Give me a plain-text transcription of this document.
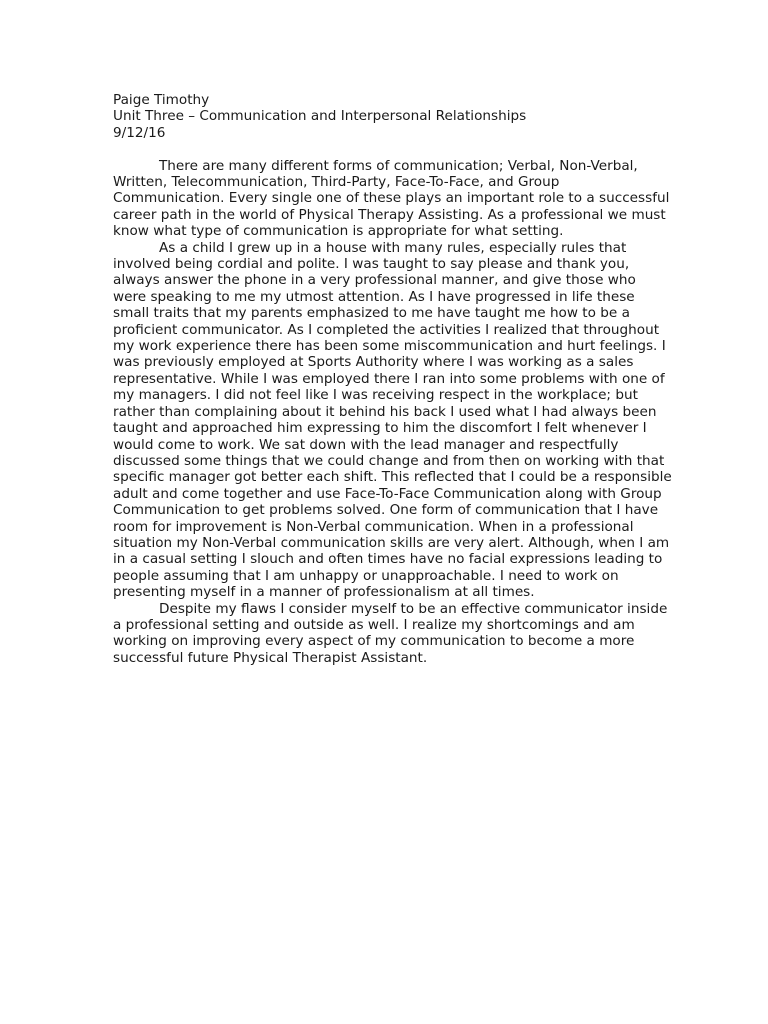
Paige Timothy

Unit Three – Communication and Interpersonal Relationships

9/12/16

There are many different forms of communication; Verbal, Non-Verbal, Written, Telecommunication, Third-Party, Face-To-Face, and Group Communication. Every single one of these plays an important role to a successful career path in the world of Physical Therapy Assisting. As a professional we must know what type of communication is appropriate for what setting.

As a child I grew up in a house with many rules, especially rules that involved being cordial and polite. I was taught to say please and thank you, always answer the phone in a very professional manner, and give those who were speaking to me my utmost attention. As I have progressed in life these small traits that my parents emphasized to me have taught me how to be a proficient communicator. As I completed the activities I realized that throughout my work experience there has been some miscommunication and hurt feelings. I was previously employed at Sports Authority where I was working as a sales representative. While I was employed there I ran into some problems with one of my managers. I did not feel like I was receiving respect in the workplace; but rather than complaining about it behind his back I used what I had always been taught and approached him expressing to him the discomfort I felt whenever I would come to work. We sat down with the lead manager and respectfully discussed some things that we could change and from then on working with that specific manager got better each shift. This reflected that I could be a responsible adult and come together and use Face-To-Face Communication along with Group Communication to get problems solved. One form of communication that I have room for improvement is Non-Verbal communication. When in a professional situation my Non-Verbal communication skills are very alert. Although, when I am in a casual setting I slouch and often times have no facial expressions leading to people assuming that I am unhappy or unapproachable. I need to work on presenting myself in a manner of professionalism at all times.

Despite my flaws I consider myself to be an effective communicator inside a professional setting and outside as well. I realize my shortcomings and am working on improving every aspect of my communication to become a more successful future Physical Therapist Assistant.
